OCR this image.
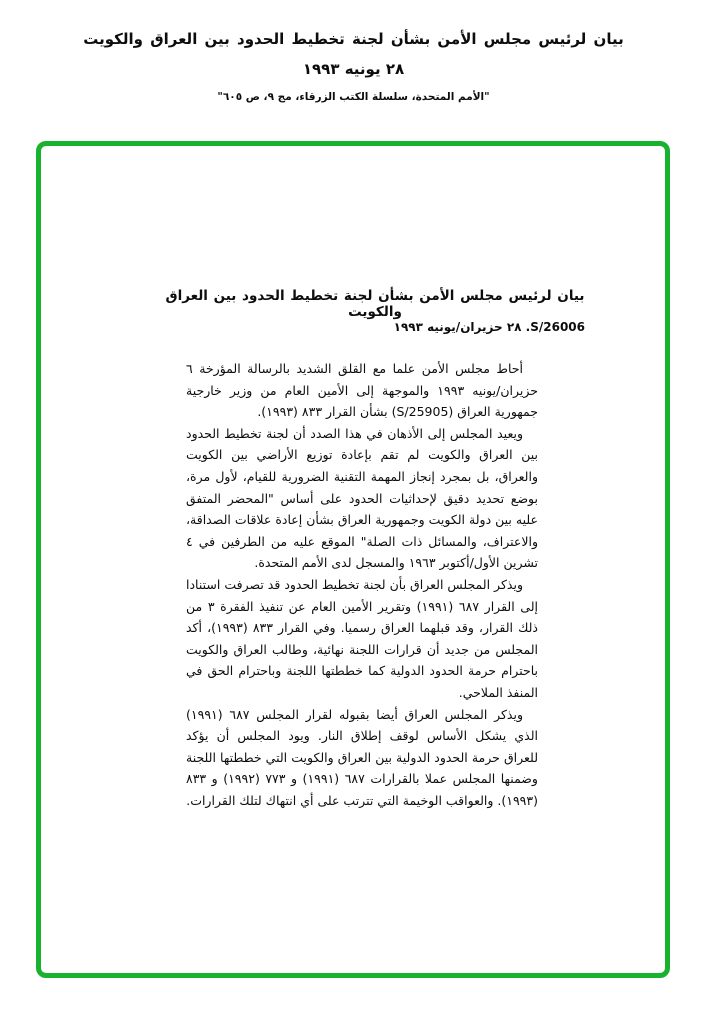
بيان لرئيس مجلس الأمن بشأن لجنة تخطيط الحدود بين العراق والكويت
٢٨ يونيه ١٩٩٣
"الأمم المتحدة، سلسلة الكتب الزرقاء، مج ٩، ص ٦٠٥"
بيان لرئيس مجلس الأمن بشأن لجنة تخطيط الحدود بين العراق والكويت
S/26006. ٢٨ حزيران/يونيه ١٩٩٣

أحاط مجلس الأمن علما مع القلق الشديد بالرسالة المؤرخة ٦ حزيران/يونيه ١٩٩٣ والموجهة إلى الأمين العام من وزير خارجية جمهورية العراق (S/25905) بشأن القرار ٨٣٣ (١٩٩٣).

ويعيد المجلس إلى الأذهان في هذا الصدد أن لجنة تخطيط الحدود بين العراق والكويت لم تقم بإعادة توزيع الأراضي بين الكويت والعراق، بل بمجرد إنجاز المهمة التقنية الضرورية للقيام، لأول مرة، بوضع تحديد دقيق لإحداثيات الحدود على أساس "المحضر المتفق عليه بين دولة الكويت وجمهورية العراق بشأن إعادة علاقات الصداقة، والاعتراف، والمسائل ذات الصلة" الموقع عليه من الطرفين في ٤ تشرين الأول/أكتوبر ١٩٦٣ والمسجل لدى الأمم المتحدة.

ويذكر المجلس العراق بأن لجنة تخطيط الحدود قد تصرفت استنادا إلى القرار ٦٨٧ (١٩٩١) وتقرير الأمين العام عن تنفيذ الفقرة ٣ من ذلك القرار، وقد قبلهما العراق رسميا. وفي القرار ٨٣٣ (١٩٩٣)، أكد المجلس من جديد أن قرارات اللجنة نهائية، وطالب العراق والكويت باحترام حرمة الحدود الدولية كما خططتها اللجنة وباحترام الحق في المنفذ الملاحي.

ويذكر المجلس العراق أيضا بقبوله لقرار المجلس ٦٨٧ (١٩٩١) الذي يشكل الأساس لوقف إطلاق النار. ويود المجلس أن يؤكد للعراق حرمة الحدود الدولية بين العراق والكويت التي خططتها اللجنة وضمنها المجلس عملا بالقرارات ٦٨٧ (١٩٩١) و ٧٧٣ (١٩٩٢) و ٨٣٣ (١٩٩٣). والعواقب الوخيمة التي تترتب على أي انتهاك لتلك القرارات.
